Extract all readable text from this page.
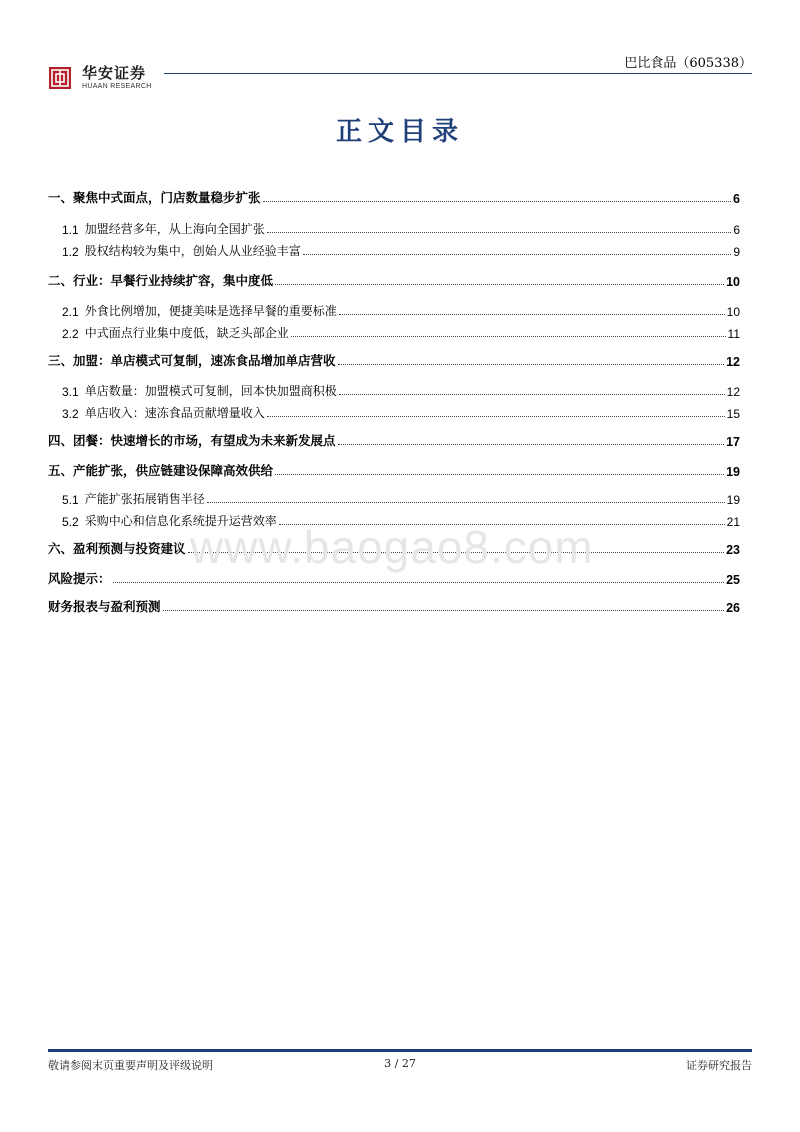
华安证券
HUAAN RESEARCH
巴比食品（605338）
正文目录
一、聚焦中式面点，门店数量稳步扩张	6
1.1 加盟经营多年，从上海向全国扩张	6
1.2 股权结构较为集中，创始人从业经验丰富	9
二、行业：早餐行业持续扩容，集中度低	10
2.1 外食比例增加，便捷美味是选择早餐的重要标准	10
2.2 中式面点行业集中度低，缺乏头部企业	11
三、加盟：单店模式可复制，速冻食品增加单店营收	12
3.1 单店数量：加盟模式可复制，回本快加盟商积极	12
3.2 单店收入：速冻食品贡献增量收入	15
四、团餐：快速增长的市场，有望成为未来新发展点	17
五、产能扩张，供应链建设保障高效供给	19
5.1 产能扩张拓展销售半径	19
5.2 采购中心和信息化系统提升运营效率	21
六、盈利预测与投资建议	23
风险提示：	25
财务报表与盈利预测	26
www.baogao8.com
敬请参阅末页重要声明及评级说明	3 / 27	证券研究报告
